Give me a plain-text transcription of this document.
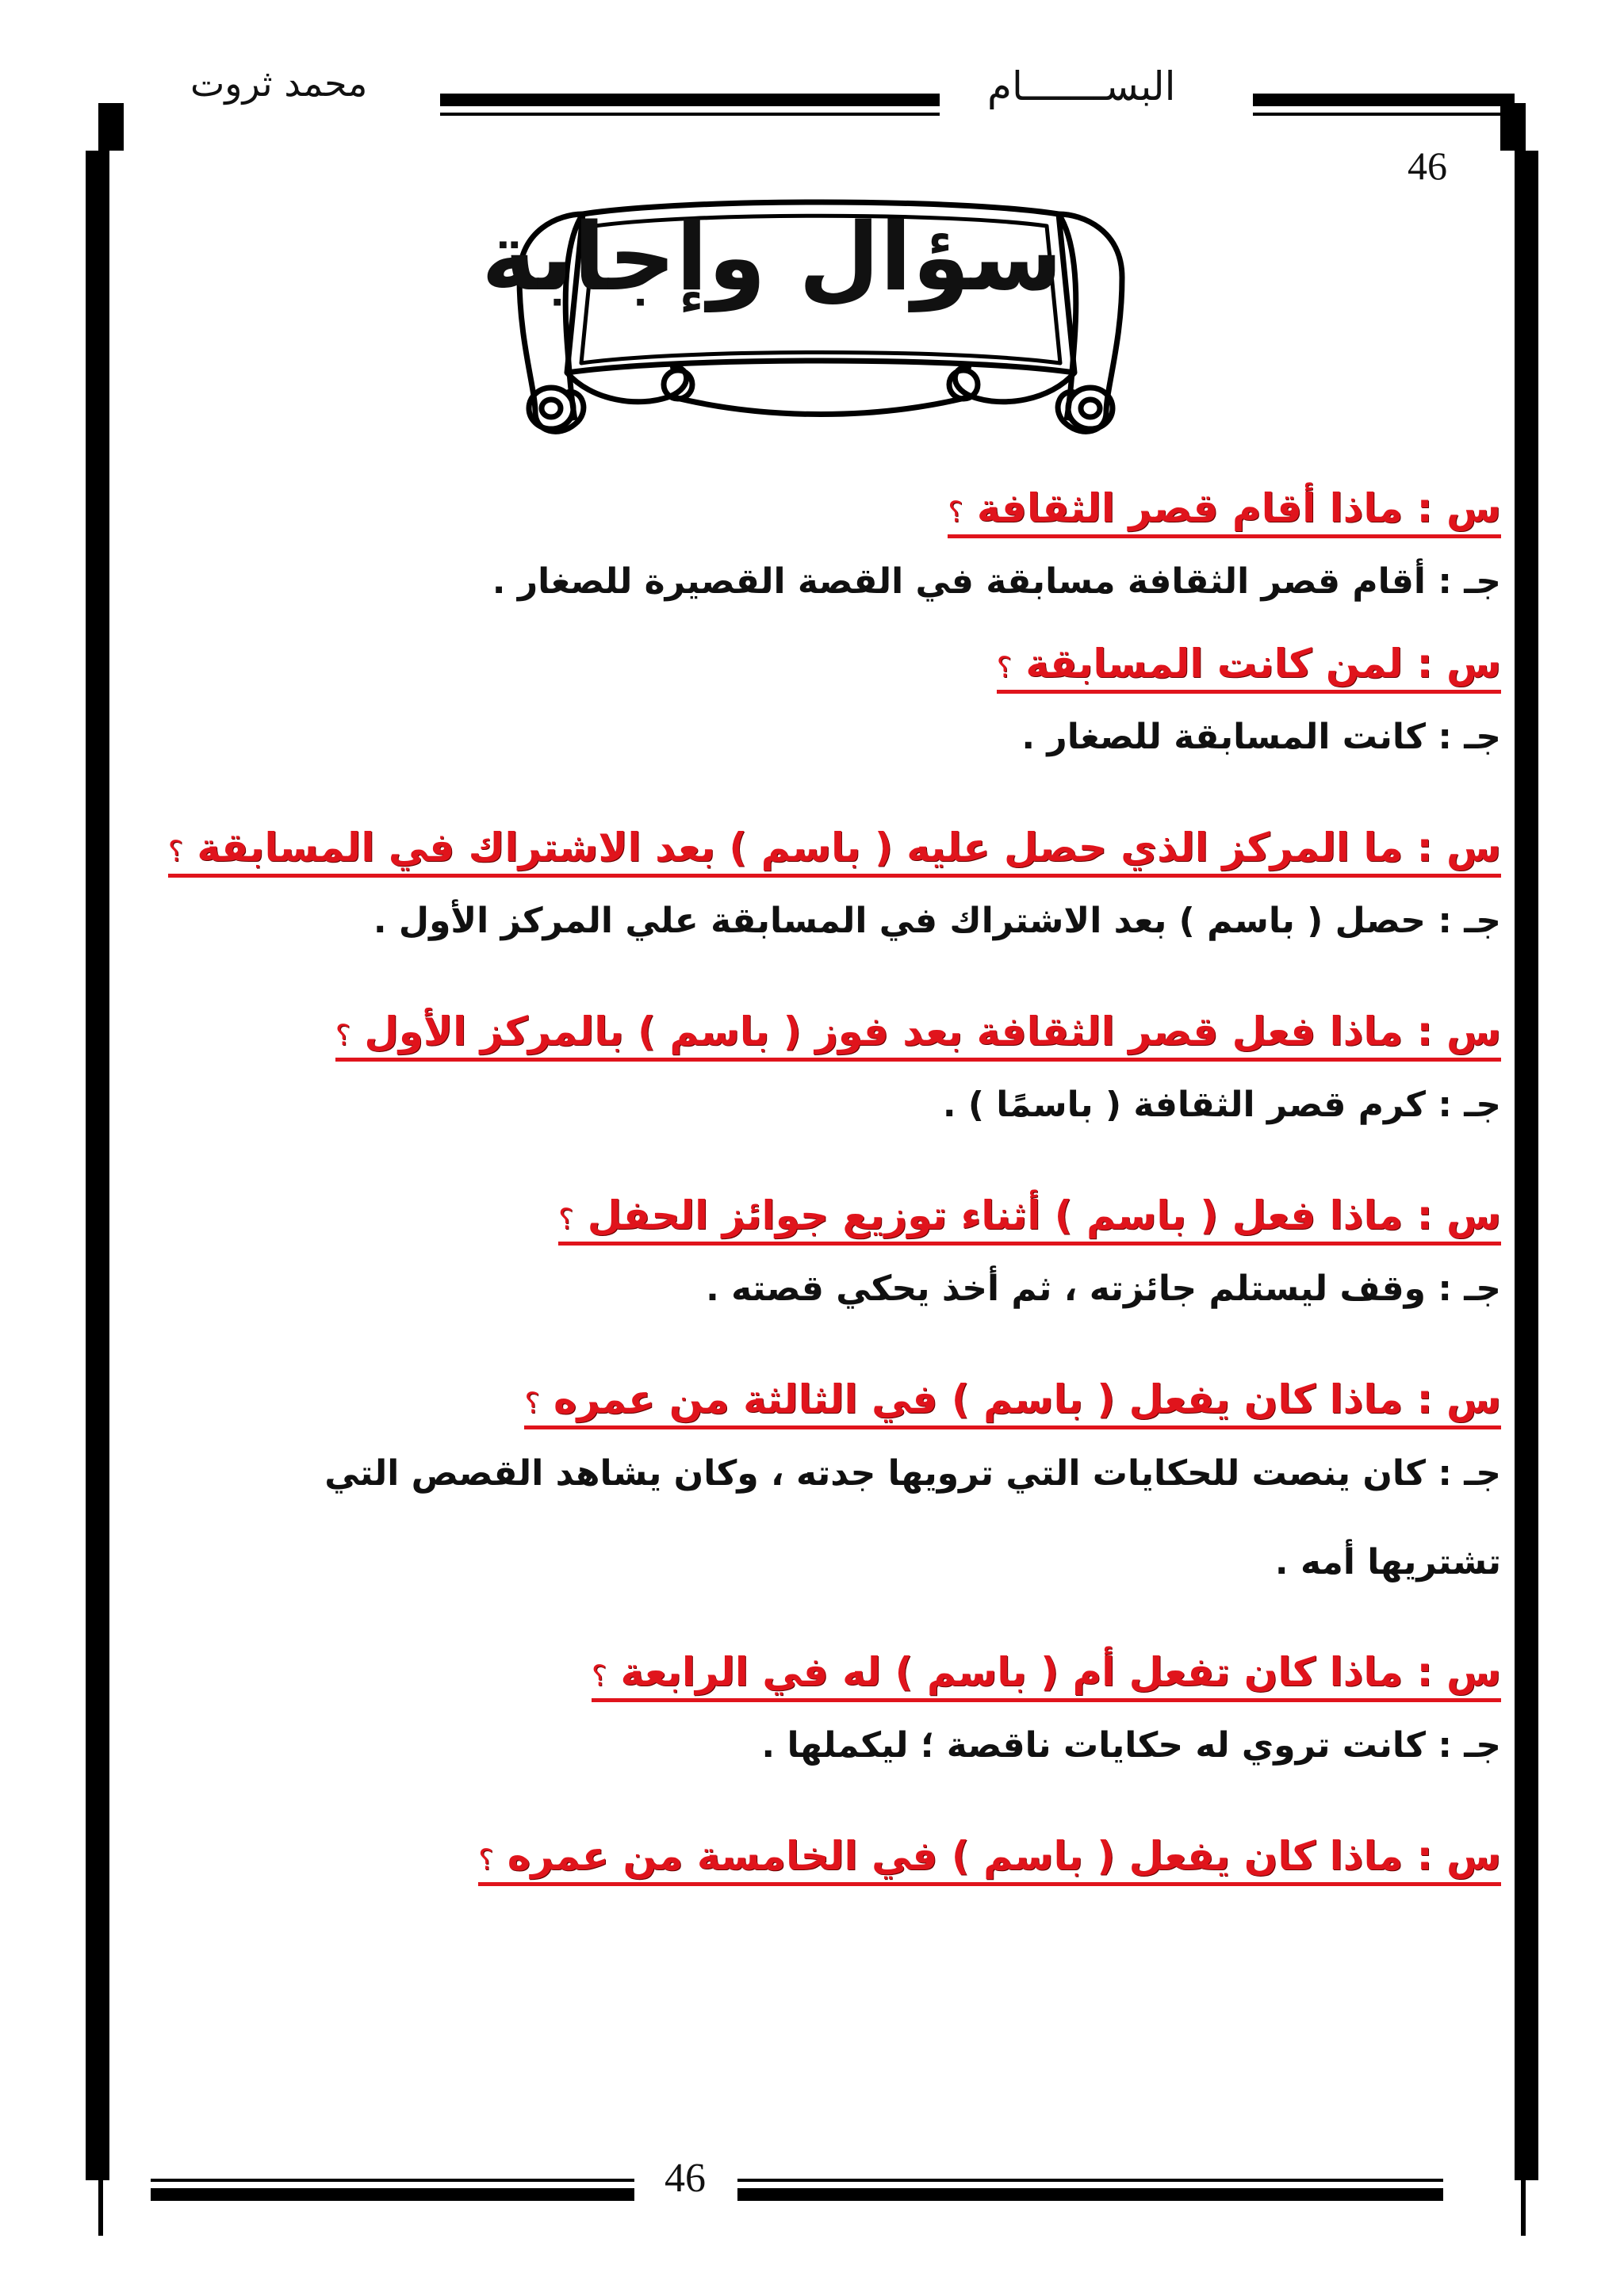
البســـــــام
محمد ثروت
46
سؤال وإجابة
س : ماذا أقام قصر الثقافة ؟
جـ : أقام قصر الثقافة مسابقة في القصة القصيرة للصغار .
س : لمن كانت المسابقة ؟
جـ : كانت المسابقة للصغار .
س : ما المركز الذي حصل عليه ( باسم ) بعد الاشتراك في المسابقة ؟
جـ : حصل ( باسم ) بعد الاشتراك في المسابقة علي المركز الأول .
س : ماذا فعل قصر الثقافة بعد فوز ( باسم ) بالمركز الأول ؟
جـ : كرم قصر الثقافة ( باسمًا ) .
س : ماذا فعل ( باسم ) أثناء توزيع جوائز الحفل ؟
جـ : وقف ليستلم جائزته ، ثم أخذ يحكي قصته .
س : ماذا كان يفعل ( باسم ) في الثالثة من عمره ؟
جـ : كان ينصت للحكايات التي ترويها جدته ، وكان يشاهد القصص التي تشتريها أمه .
س : ماذا كان تفعل أم ( باسم ) له في الرابعة ؟
جـ : كانت تروي له حكايات ناقصة ؛ ليكملها .
س : ماذا كان يفعل ( باسم ) في الخامسة من عمره ؟
46
